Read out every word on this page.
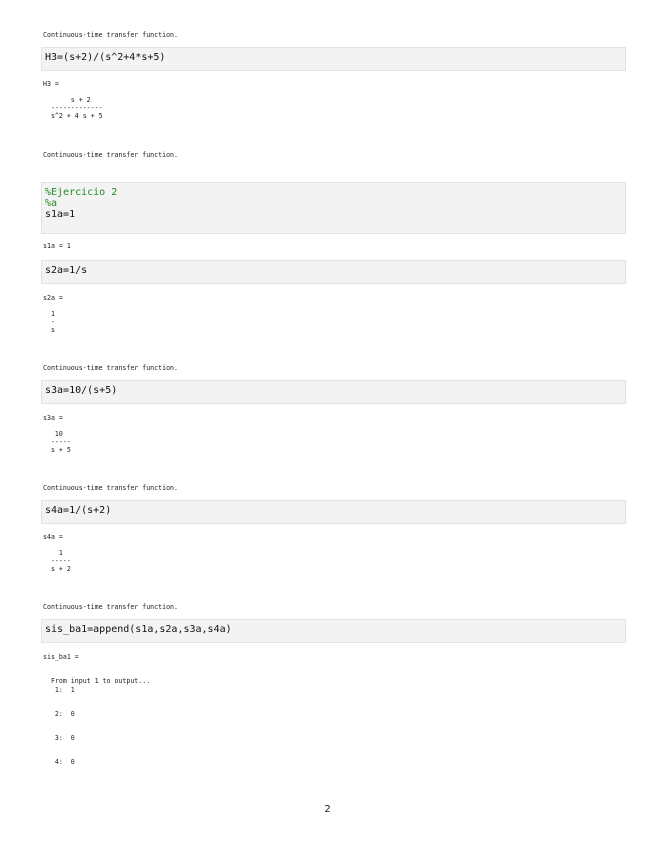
Continuous-time transfer function.
H3=(s+2)/(s^2+4*s+5)
H3 =

s + 2
-------------
s^2 + 4 s + 5
Continuous-time transfer function.
%Ejercicio 2
%a
s1a=1
s1a = 1
s2a=1/s
s2a =

1
-
s
Continuous-time transfer function.
s3a=10/(s+5)
s3a =

10
-----
s + 5
Continuous-time transfer function.
s4a=1/(s+2)
s4a =

1
-----
s + 2
Continuous-time transfer function.
sis_ba1=append(s1a,s2a,s3a,s4a)
sis_ba1 =
From input 1 to output...
1:  1
2:  0
3:  0
4:  0
2
